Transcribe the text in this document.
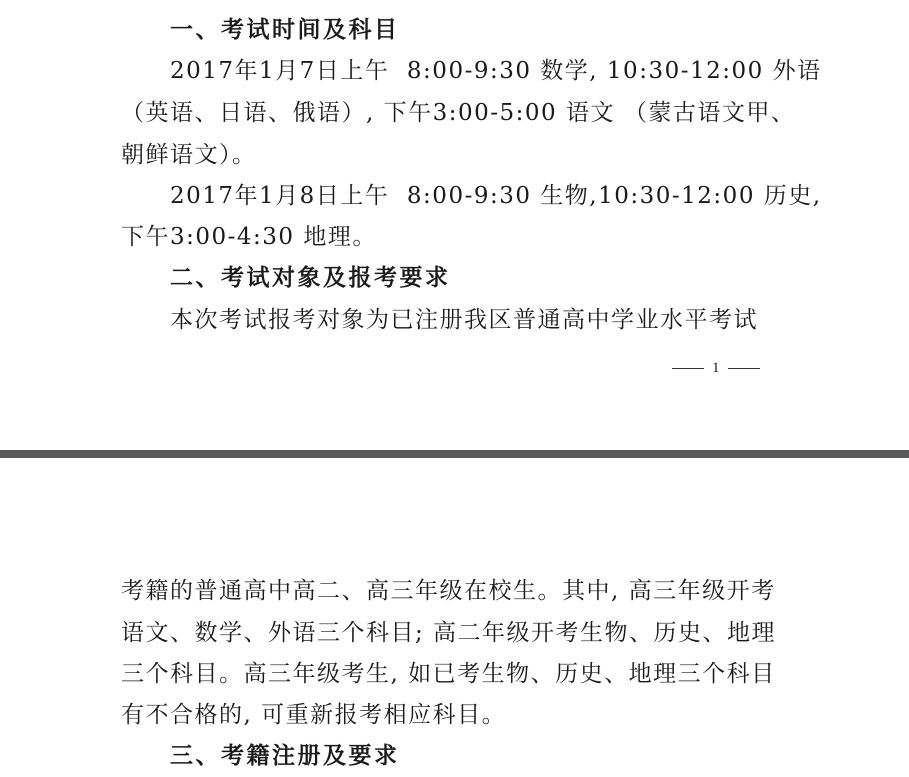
一、考试时间及科目
2017年1月7日上午  8:00-9:30 数学, 10:30-12:00 外语
（英语、日语、俄语）, 下午3:00-5:00 语文 （蒙古语文甲、
朝鲜语文）。
2017年1月8日上午  8:00-9:30 生物,10:30-12:00 历史,
下午3:00-4:30 地理。
二、考试对象及报考要求
本次考试报考对象为已注册我区普通高中学业水平考试
1
考籍的普通高中高二、高三年级在校生。其中, 高三年级开考
语文、数学、外语三个科目; 高二年级开考生物、历史、地理
三个科目。高三年级考生, 如已考生物、历史、地理三个科目
有不合格的, 可重新报考相应科目。
三、考籍注册及要求
